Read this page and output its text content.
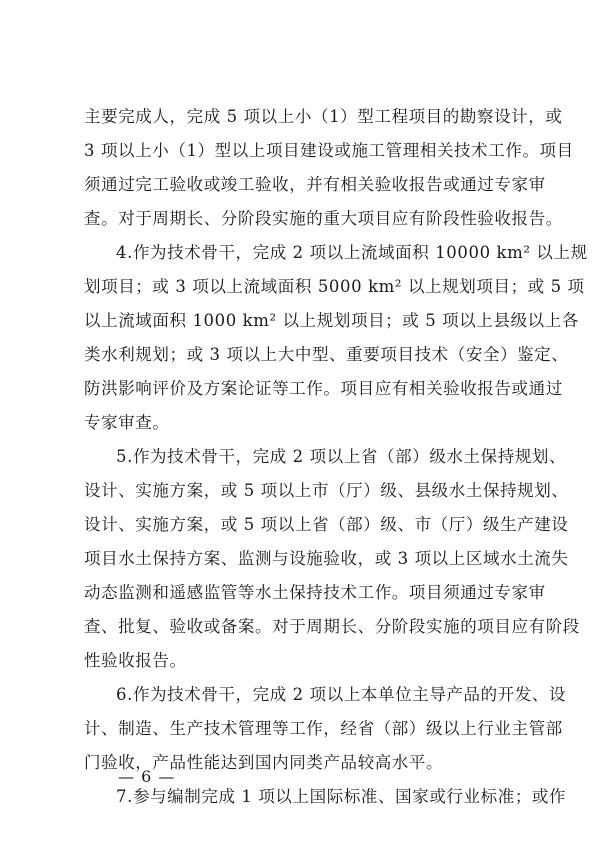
主要完成人，完成 5 项以上小（1）型工程项目的勘察设计，或
3 项以上小（1）型以上项目建设或施工管理相关技术工作。项目
须通过完工验收或竣工验收，并有相关验收报告或通过专家审
查。对于周期长、分阶段实施的重大项目应有阶段性验收报告。
4.作为技术骨干，完成 2 项以上流域面积 10000 km² 以上规
划项目；或 3 项以上流域面积 5000 km² 以上规划项目；或 5 项
以上流域面积 1000 km² 以上规划项目；或 5 项以上县级以上各
类水利规划；或 3 项以上大中型、重要项目技术（安全）鉴定、
防洪影响评价及方案论证等工作。项目应有相关验收报告或通过
专家审查。
5.作为技术骨干，完成 2 项以上省（部）级水土保持规划、
设计、实施方案，或 5 项以上市（厅）级、县级水土保持规划、
设计、实施方案，或 5 项以上省（部）级、市（厅）级生产建设
项目水土保持方案、监测与设施验收，或 3 项以上区域水土流失
动态监测和遥感监管等水土保持技术工作。项目须通过专家审
查、批复、验收或备案。对于周期长、分阶段实施的项目应有阶段
性验收报告。
6.作为技术骨干，完成 2 项以上本单位主导产品的开发、设
计、制造、生产技术管理等工作，经省（部）级以上行业主管部
门验收，产品性能达到国内同类产品较高水平。
7.参与编制完成 1 项以上国际标准、国家或行业标准；或作
— 6 —
